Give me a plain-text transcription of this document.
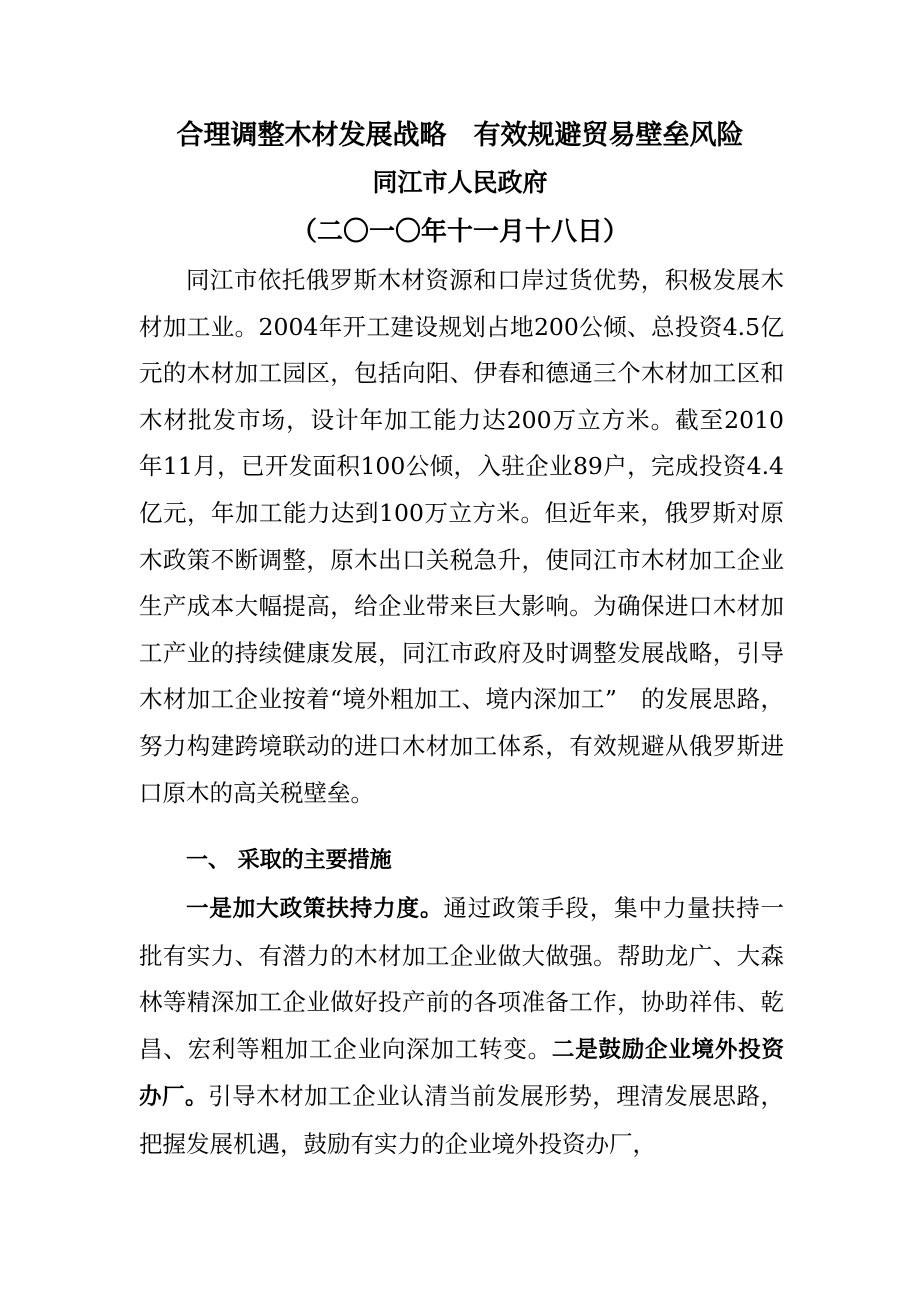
合理调整木材发展战略　有效规避贸易壁垒风险
同江市人民政府
（二〇一〇年十一月十八日）

同江市依托俄罗斯木材资源和口岸过货优势，积极发展木材加工业。2004年开工建设规划占地200公倾、总投资4.5亿元的木材加工园区，包括向阳、伊春和德通三个木材加工区和木材批发市场，设计年加工能力达200万立方米。截至2010年11月，已开发面积100公倾，入驻企业89户，完成投资4.4亿元，年加工能力达到100万立方米。但近年来，俄罗斯对原木政策不断调整，原木出口关税急升，使同江市木材加工企业生产成本大幅提高，给企业带来巨大影响。为确保进口木材加工产业的持续健康发展，同江市政府及时调整发展战略，引导木材加工企业按着“境外粗加工、境内深加工”　的发展思路，努力构建跨境联动的进口木材加工体系，有效规避从俄罗斯进口原木的高关税壁垒。

一、 采取的主要措施

一是加大政策扶持力度。通过政策手段，集中力量扶持一批有实力、有潜力的木材加工企业做大做强。帮助龙广、大森林等精深加工企业做好投产前的各项准备工作，协助祥伟、乾昌、宏利等粗加工企业向深加工转变。二是鼓励企业境外投资办厂。引导木材加工企业认清当前发展形势，理清发展思路，把握发展机遇，鼓励有实力的企业境外投资办厂，
